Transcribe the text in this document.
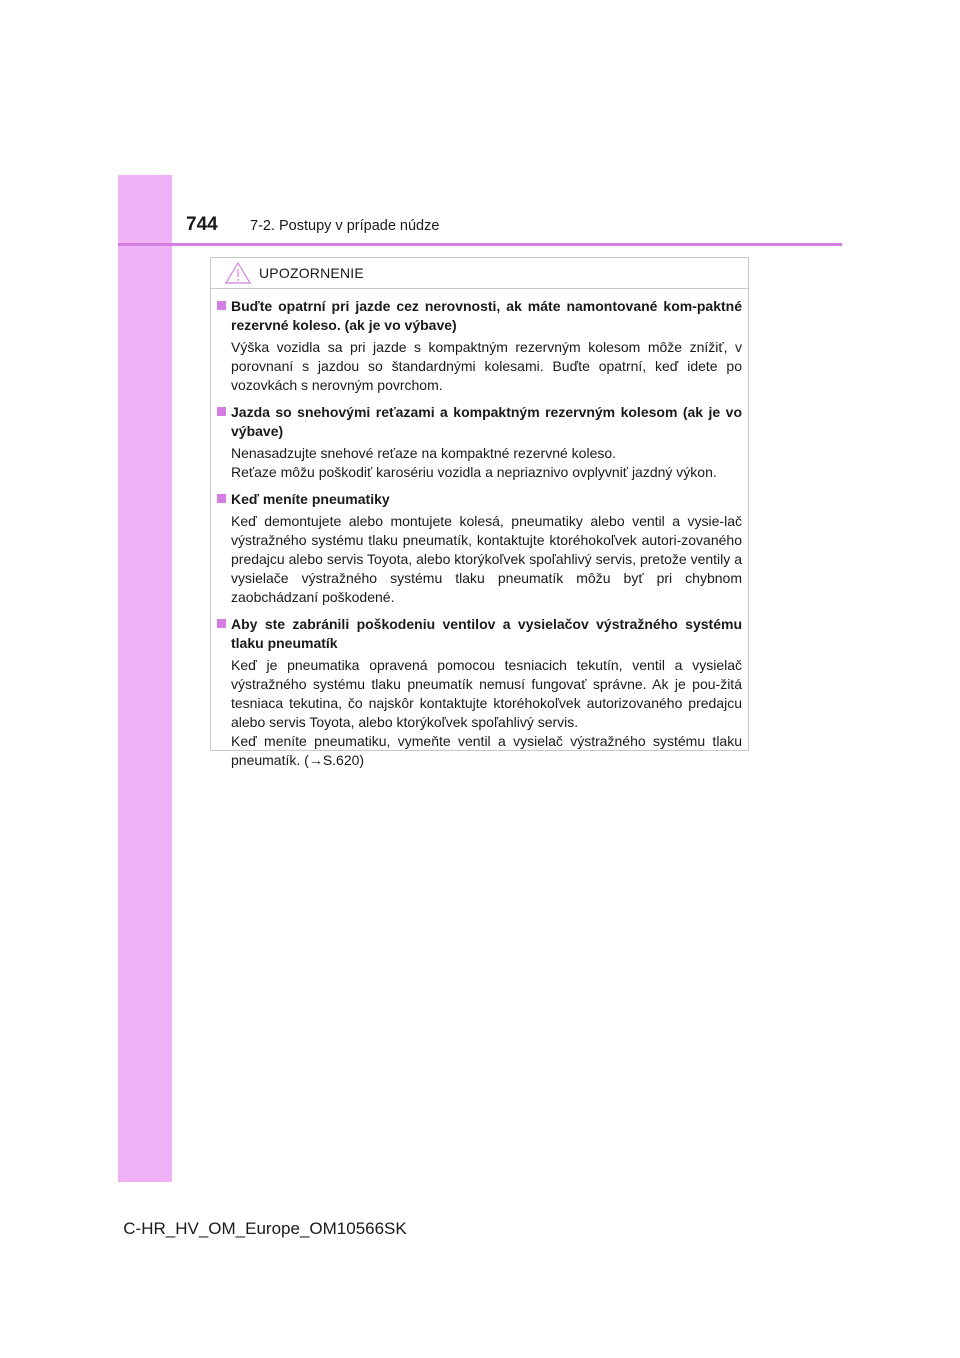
744	7-2. Postupy v prípade núdze
UPOZORNENIE
Buďte opatrní pri jazde cez nerovnosti, ak máte namontované kom-paktné rezervné koleso. (ak je vo výbave)
Výška vozidla sa pri jazde s kompaktným rezervným kolesom môže znížiť, v porovnaní s jazdou so štandardnými kolesami. Buďte opatrní, keď idete po vozovkách s nerovným povrchom.
Jazda so snehovými reťazami a kompaktným rezervným kolesom (ak je vo výbave)
Nenasadzujte snehové reťaze na kompaktné rezervné koleso.
Reťaze môžu poškodiť karosériu vozidla a nepriaznivo ovplyvniť jazdný výkon.
Keď meníte pneumatiky
Keď demontujete alebo montujete kolesá, pneumatiky alebo ventil a vysie-lač výstražného systému tlaku pneumatík, kontaktujte ktoréhokoľvek autori-zovaného predajcu alebo servis Toyota, alebo ktorýkoľvek spoľahlivý servis, pretože ventily a vysielače výstražného systému tlaku pneumatík môžu byť pri chybnom zaobchádzaní poškodené.
Aby ste zabránili poškodeniu ventilov a vysielačov výstražného systému tlaku pneumatík
Keď je pneumatika opravená pomocou tesniacich tekutín, ventil a vysielač výstražného systému tlaku pneumatík nemusí fungovať správne. Ak je pou-žitá tesniaca tekutina, čo najskôr kontaktujte ktoréhokoľvek autorizovaného predajcu alebo servis Toyota, alebo ktorýkoľvek spoľahlivý servis.
Keď meníte pneumatiku, vymeňte ventil a vysielač výstražného systému tlaku pneumatík. (→S.620)
C-HR_HV_OM_Europe_OM10566SK
